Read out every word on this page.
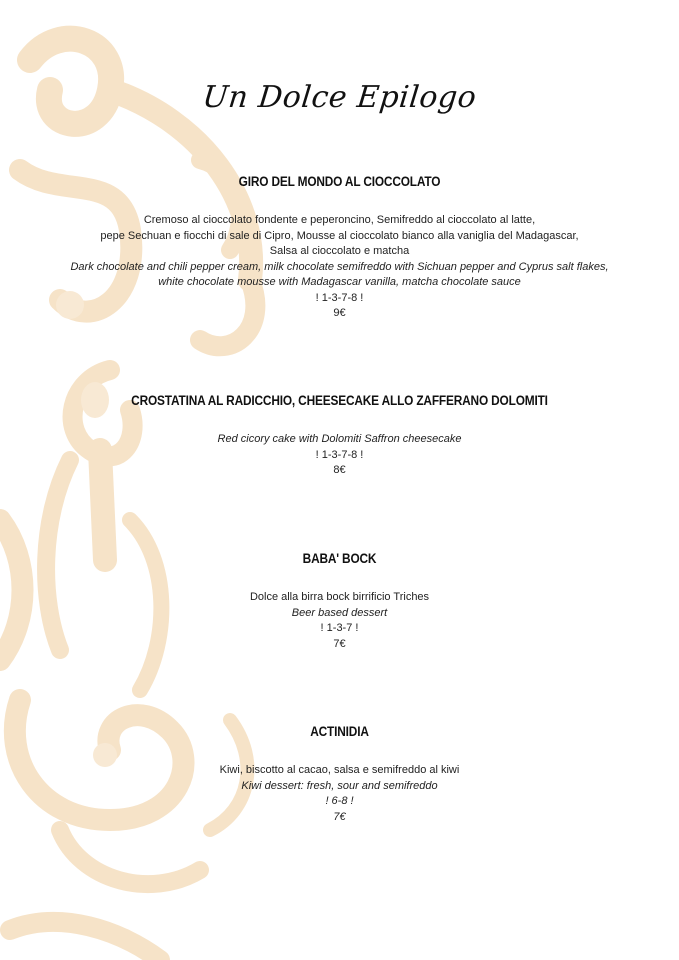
Un Dolce Epilogo
GIRO DEL MONDO AL CIOCCOLATO
Cremoso al cioccolato fondente e peperoncino, Semifreddo al cioccolato al latte,
pepe Sechuan e fiocchi di sale di Cipro, Mousse al cioccolato bianco alla vaniglia del Madagascar,
Salsa al cioccolato e matcha
Dark chocolate and chili pepper cream, milk chocolate semifreddo with Sichuan pepper and Cyprus salt flakes,
white chocolate mousse with Madagascar vanilla, matcha chocolate sauce
! 1-3-7-8 !
9€
CROSTATINA AL RADICCHIO, CHEESECAKE ALLO ZAFFERANO DOLOMITI
Red cicory cake with Dolomiti Saffron cheesecake
! 1-3-7-8 !
8€
BABA' BOCK
Dolce alla birra bock birrificio Triches
Beer based dessert
! 1-3-7 !
7€
ACTINIDIA
Kiwi, biscotto al cacao, salsa e semifreddo al kiwi
Kiwi dessert: fresh, sour and semifreddo
! 6-8 !
7€
